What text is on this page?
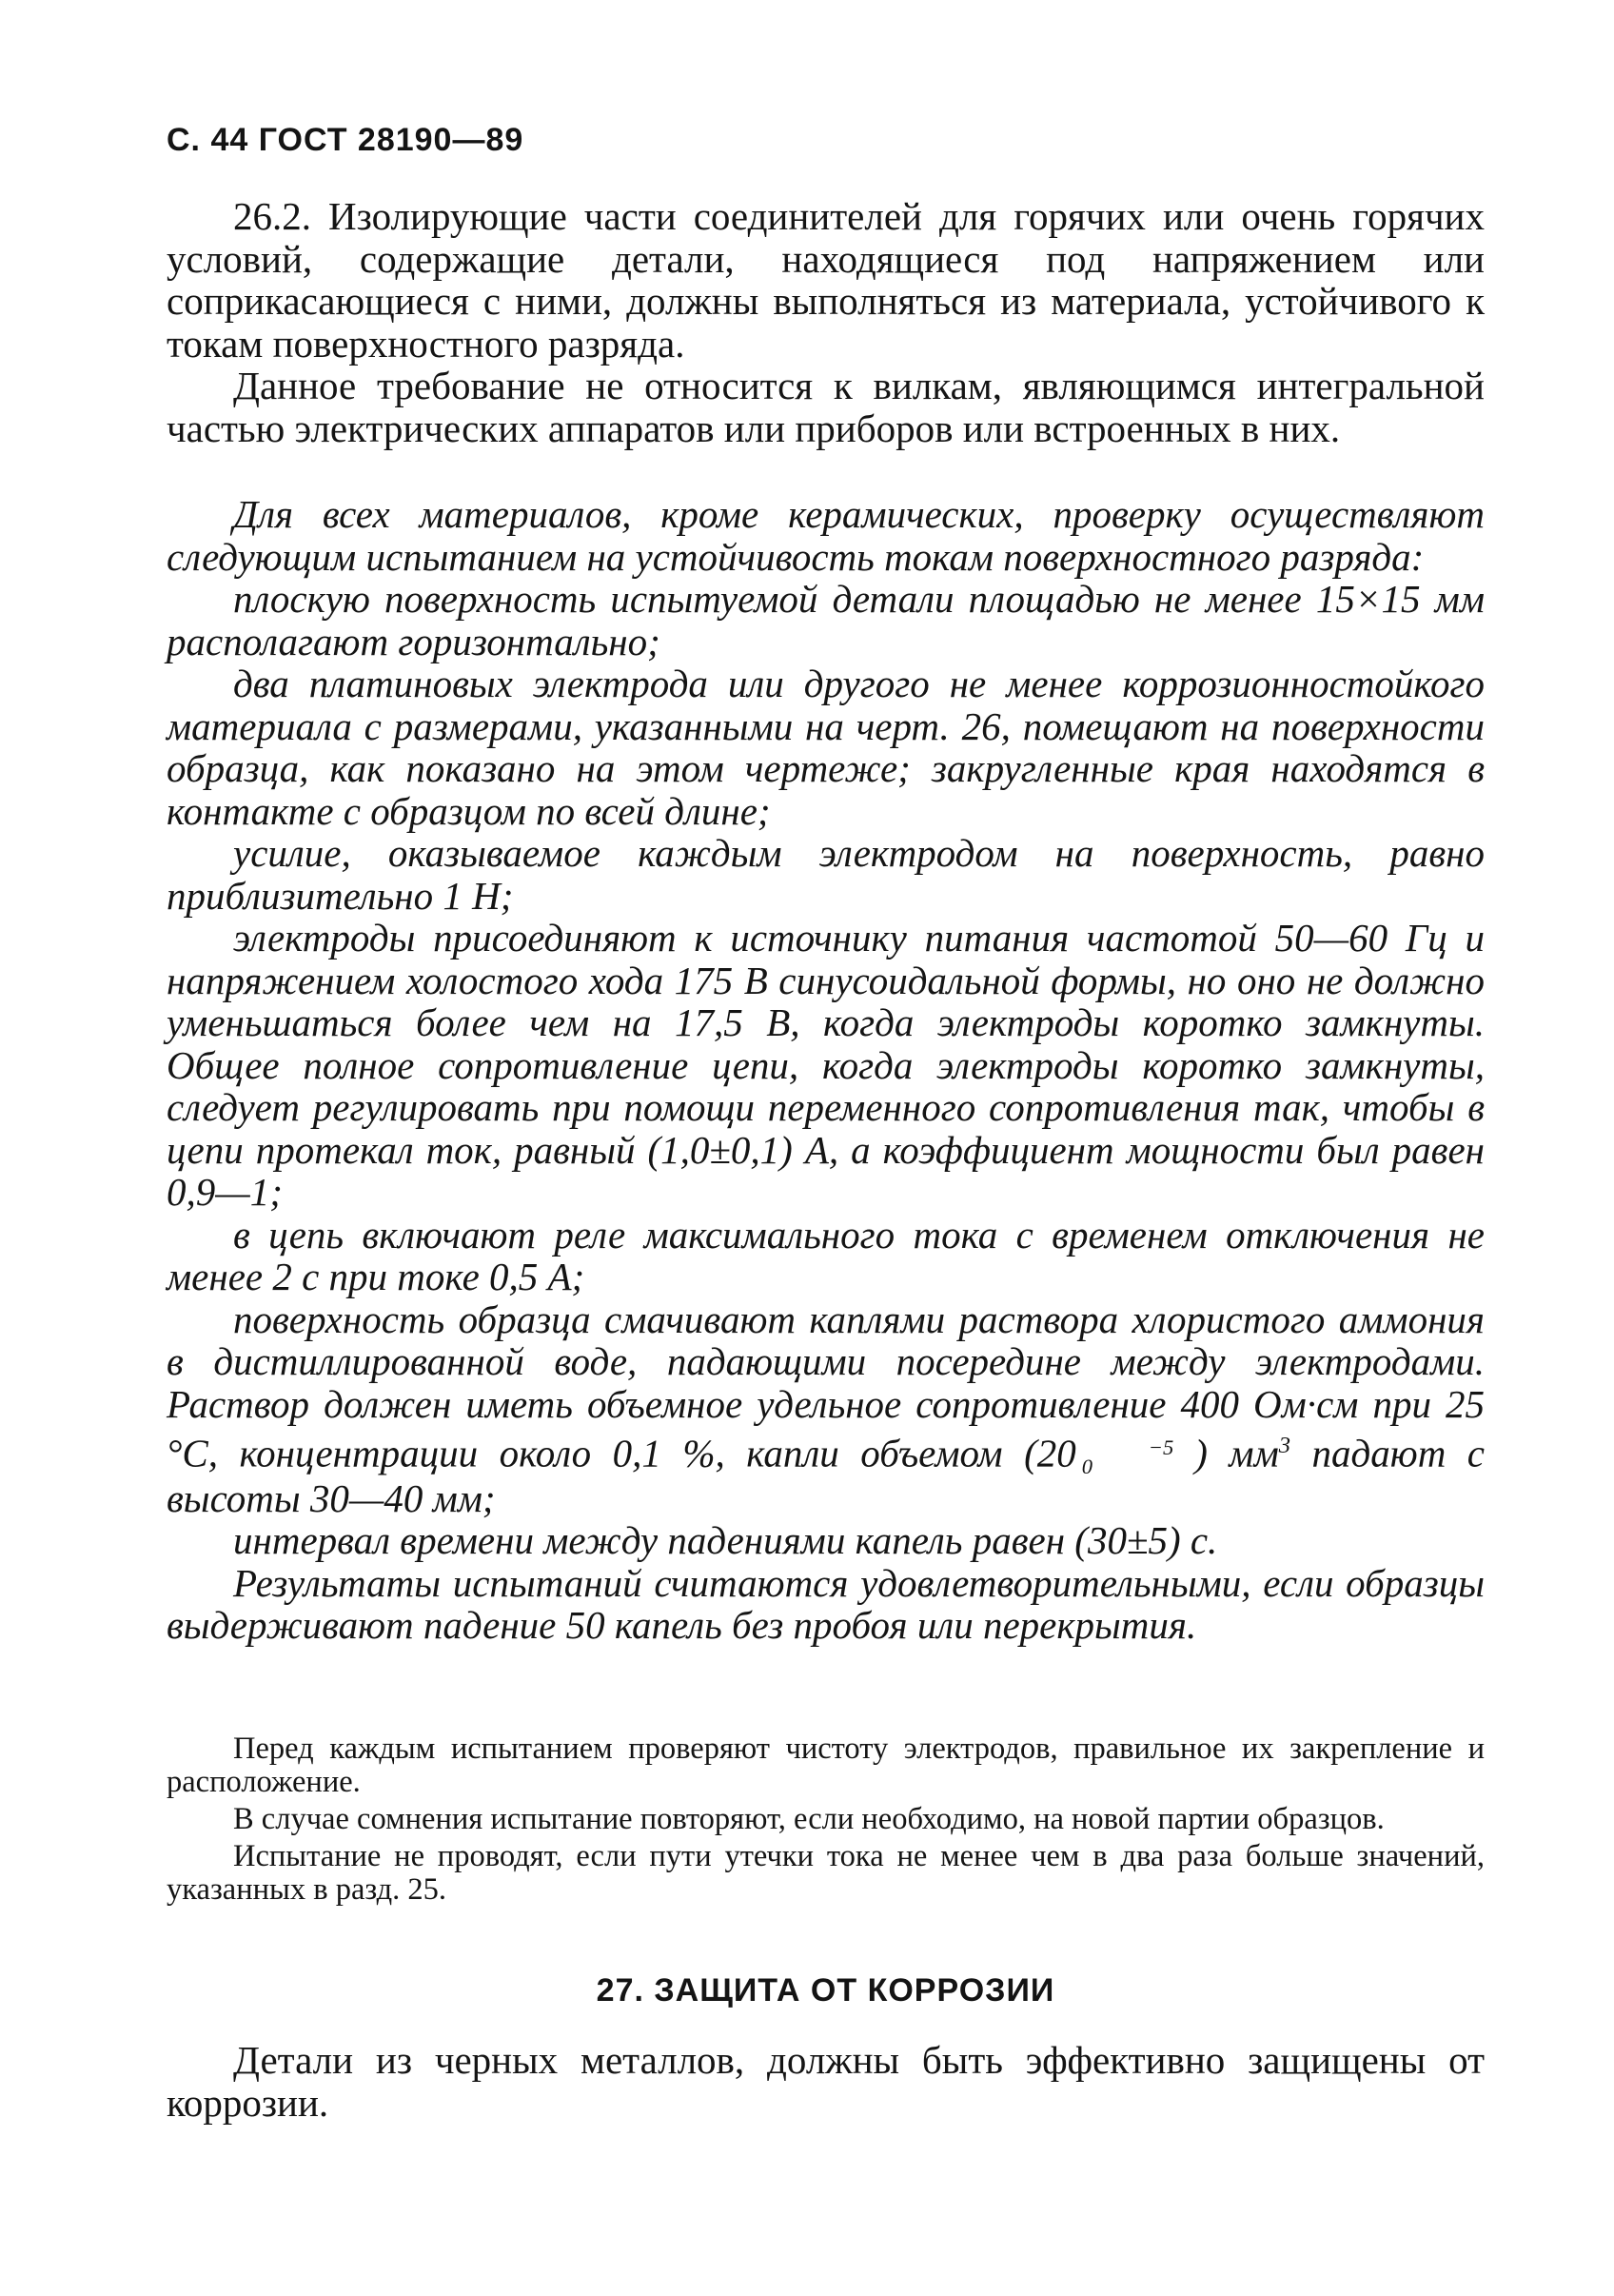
С. 44 ГОСТ 28190—89

26.2. Изолирующие части соединителей для горячих или очень горячих условий, содержащие детали, находящиеся под напряжением или соприкасающиеся с ними, должны выполняться из материала, устойчивого к токам поверхностного разряда.

Данное требование не относится к вилкам, являющимся интегральной частью электрических аппаратов или приборов или встроенных в них.

Для всех материалов, кроме керамических, проверку осуществляют следующим испытанием на устойчивость токам поверхностного разряда:

плоскую поверхность испытуемой детали площадью не менее 15×15 мм располагают горизонтально;

два платиновых электрода или другого не менее коррозионностойкого материала с размерами, указанными на черт. 26, помещают на поверхности образца, как показано на этом чертеже; закругленные края находятся в контакте с образцом по всей длине;

усилие, оказываемое каждым электродом на поверхность, равно приблизительно 1 Н;

электроды присоединяют к источнику питания частотой 50—60 Гц и напряжением холостого хода 175 В синусоидальной формы, но оно не должно уменьшаться более чем на 17,5 В, когда электроды коротко замкнуты. Общее полное сопротивление цепи, когда электроды коротко замкнуты, следует регулировать при помощи переменного сопротивления так, чтобы в цепи протекал ток, равный (1,0±0,1) А, а коэффициент мощности был равен 0,9—1;

в цепь включают реле максимального тока с временем отключения не менее 2 с при токе 0,5 А;

поверхность образца смачивают каплями раствора хлористого аммония в дистиллированной воде, падающими посередине между электродами. Раствор должен иметь объемное удельное сопротивление 400 Ом·см при 25 °С, концентрации около 0,1 %, капли объемом (20	−5
0	) $мм^3$ падают с высоты 30—40 мм;

интервал времени между падениями капель равен (30±5) с.

Результаты испытаний считаются удовлетворительными, если образцы выдерживают падение 50 капель без пробоя или перекрытия.

Перед каждым испытанием проверяют чистоту электродов, правильное их закрепление и расположение.

В случае сомнения испытание повторяют, если необходимо, на новой партии образцов.

Испытание не проводят, если пути утечки тока не менее чем в два раза больше значений, указанных в разд. 25.

27. ЗАЩИТА ОТ КОРРОЗИИ

Детали из черных металлов, должны быть эффективно защищены от коррозии.
